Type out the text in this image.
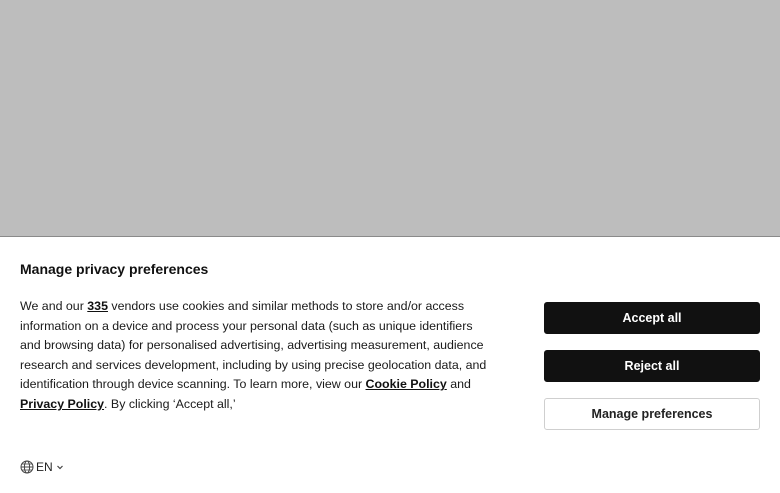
Manage privacy preferences
We and our 335 vendors use cookies and similar methods to store and/or access information on a device and process your personal data (such as unique identifiers and browsing data) for personalised advertising, advertising measurement, audience research and services development, including by using precise geolocation data, and identification through device scanning. To learn more, view our Cookie Policy and Privacy Policy. By clicking ‘Accept all,’
Accept all
Reject all
Manage preferences
EN
